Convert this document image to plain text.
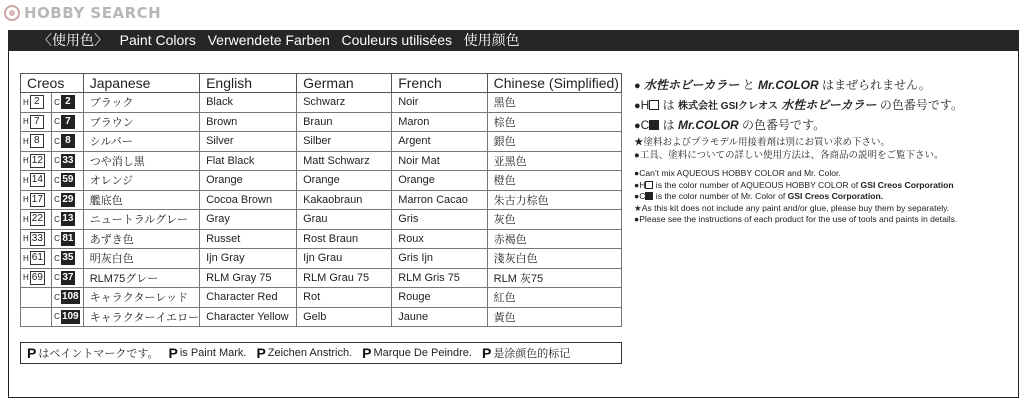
HOBBY SEARCH
〈使用色〉 Paint Colors Verwendete Farben Couleurs utilisées 使用颜色
Creos		Japanese	English	German	French	Chinese (Simplified)
H 2	C 2	ブラック	Black	Schwarz	Noir	黑色
H 7	C 7	ブラウン	Brown	Braun	Maron	棕色
H 8	C 8	シルバー	Silver	Silber	Argent	銀色
H 12	C 33	つや消し黒	Flat Black	Matt Schwarz	Noir Mat	亚黑色
H 14	C 59	オレンジ	Orange	Orange	Orange	橙色
H 17	C 29	艦底色	Cocoa Brown	Kakaobraun	Marron Cacao	朱古力棕色
H 22	C 13	ニュートラルグレー	Gray	Grau	Gris	灰色
H 33	C 81	あずき色	Russet	Rost Braun	Roux	赤褐色
H 61	C 35	明灰白色	Ijn Gray	Ijn Grau	Gris Ijn	淺灰白色
H 69	C 37	RLM75グレー	RLM Gray 75	RLM Grau 75	RLM Gris 75	RLM 灰75
	C 108	キャラクターレッド	Character Red	Rot	Rouge	紅色
	C 109	キャラクターイエロー	Character Yellow	Gelb	Jaune	黃色
P はペイントマークです。 P is Paint Mark. P Zeichen Anstrich. P Marque De Peindre. P 是涂颜色的标记
● 水性ホビーカラー と Mr.COLOR はまぜられません。
●H は 株式会社 GSIクレオス 水性ホビーカラー の色番号です。
●C は Mr.COLOR の色番号です。
★塗料およびプラモデル用接着剤は別にお買い求め下さい。
●工具、塗料についての詳しい使用方法は、各商品の説明をご覧下さい。
●Can't mix AQUEOUS HOBBY COLOR and Mr. Color.
●H is the color number of AQUEOUS HOBBY COLOR of GSI Creos Corporation
●C is the color number of Mr. Color of GSI Creos Corporation.
★As this kit does not include any paint and/or glue, please buy them by separately.
●Please see the instructions of each product for the use of tools and paints in details.
